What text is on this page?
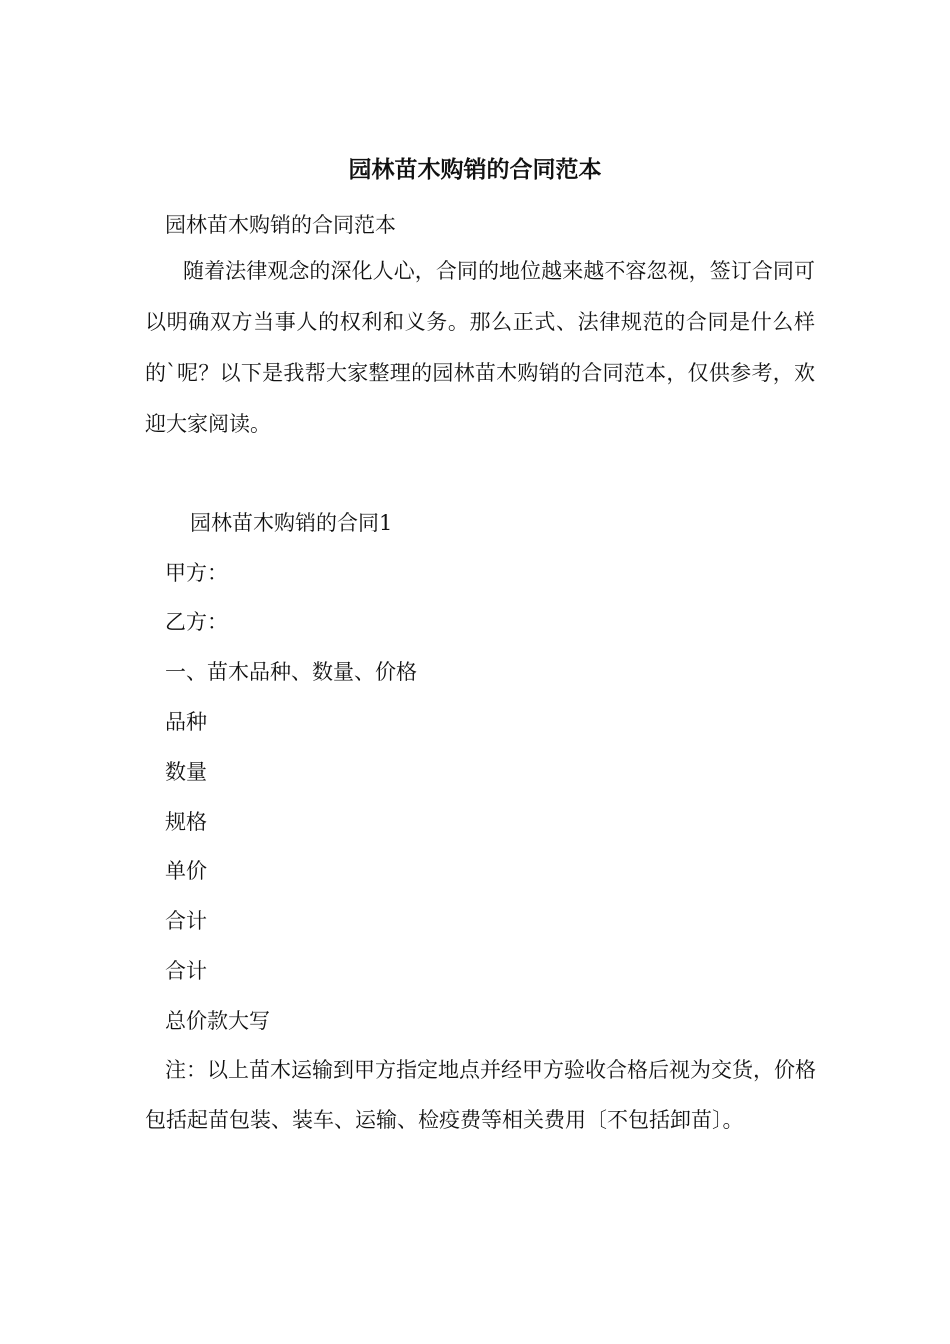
园林苗木购销的合同范本

园林苗木购销的合同范本

随着法律观念的深化人心，合同的地位越来越不容忽视，签订合同可以明确双方当事人的权利和义务。那么正式、法律规范的合同是什么样的`呢？以下是我帮大家整理的园林苗木购销的合同范本，仅供参考，欢迎大家阅读。

园林苗木购销的合同1

甲方：

乙方：

一、苗木品种、数量、价格

品种

数量

规格

单价

合计

合计

总价款大写

注：以上苗木运输到甲方指定地点并经甲方验收合格后视为交货，价格包括起苗包装、装车、运输、检疫费等相关费用〔不包括卸苗〕。
